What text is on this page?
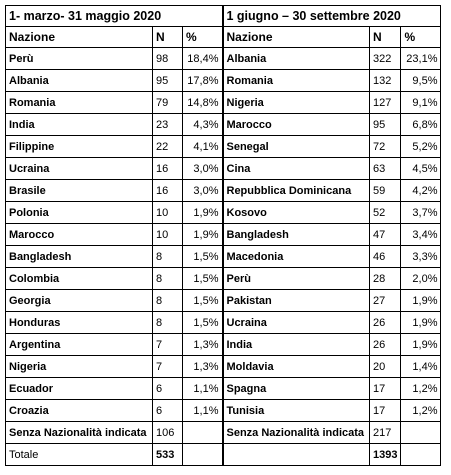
1- marzo- 31 maggio 2020			1 giugno – 30 settembre 2020		
Nazione	N	%	Nazione	N	%
Perù	98	18,4%	Albania	322	23,1%
Albania	95	17,8%	Romania	132	9,5%
Romania	79	14,8%	Nigeria	127	9,1%
India	23	4,3%	Marocco	95	6,8%
Filippine	22	4,1%	Senegal	72	5,2%
Ucraina	16	3,0%	Cina	63	4,5%
Brasile	16	3,0%	Repubblica Dominicana	59	4,2%
Polonia	10	1,9%	Kosovo	52	3,7%
Marocco	10	1,9%	Bangladesh	47	3,4%
Bangladesh	8	1,5%	Macedonia	46	3,3%
Colombia	8	1,5%	Perù	28	2,0%
Georgia	8	1,5%	Pakistan	27	1,9%
Honduras	8	1,5%	Ucraina	26	1,9%
Argentina	7	1,3%	India	26	1,9%
Nigeria	7	1,3%	Moldavia	20	1,4%
Ecuador	6	1,1%	Spagna	17	1,2%
Croazia	6	1,1%	Tunisia	17	1,2%
Senza Nazionalità indicata	106		Senza Nazionalità indicata	217	
Totale	533			1393	
